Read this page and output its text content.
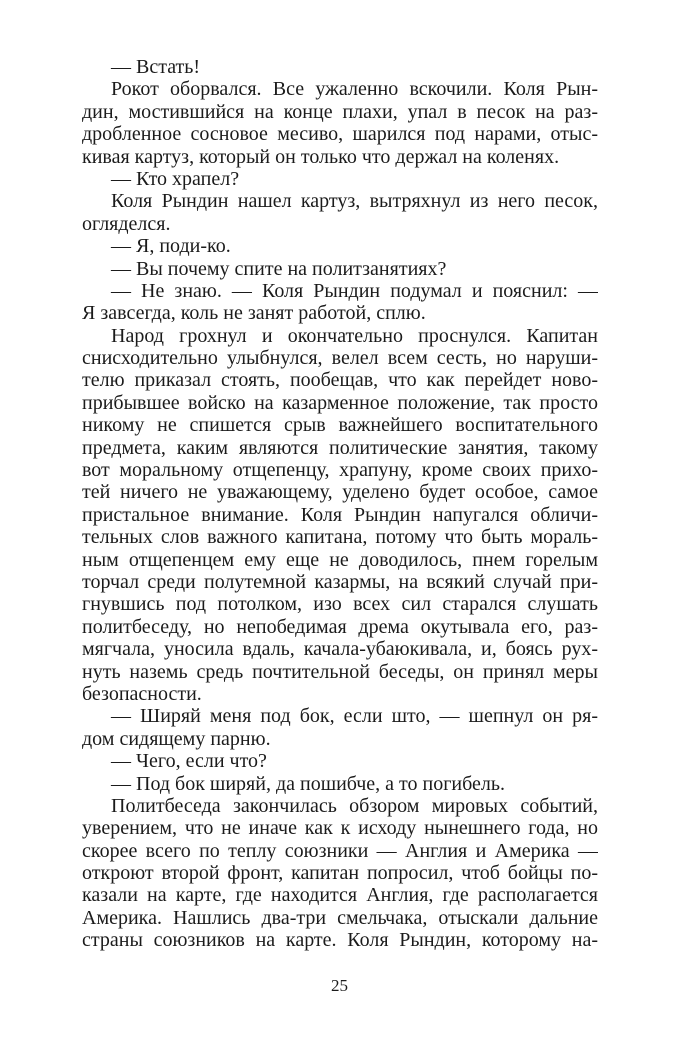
— Встать!
Рокот оборвался. Все ужаленно вскочили. Коля Рын-
дин, мостившийся на конце плахи, упал в песок на раз-
дробленное сосновое месиво, шарился под нарами, отыс-
кивая картуз, который он только что держал на коленях.
— Кто храпел?
Коля Рындин нашел картуз, вытряхнул из него песок,
огляделся.
— Я, поди-ко.
— Вы почему спите на политзанятиях?
— Не знаю. — Коля Рындин подумал и пояснил: —
Я завсегда, коль не занят работой, сплю.
Народ грохнул и окончательно проснулся. Капитан
снисходительно улыбнулся, велел всем сесть, но наруши-
телю приказал стоять, пообещав, что как перейдет ново-
прибывшее войско на казарменное положение, так просто
никому не спишется срыв важнейшего воспитательного
предмета, каким являются политические занятия, такому
вот моральному отщепенцу, храпуну, кроме своих прихо-
тей ничего не уважающему, уделено будет особое, самое
пристальное внимание. Коля Рындин напугался обличи-
тельных слов важного капитана, потому что быть мораль-
ным отщепенцем ему еще не доводилось, пнем горелым
торчал среди полутемной казармы, на всякий случай при-
гнувшись под потолком, изо всех сил старался слушать
политбеседу, но непобедимая дрема окутывала его, раз-
мягчала, уносила вдаль, качала-убаюкивала, и, боясь рух-
нуть наземь средь почтительной беседы, он принял меры
безопасности.
— Ширяй меня под бок, если што, — шепнул он ря-
дом сидящему парню.
— Чего, если что?
— Под бок ширяй, да пошибче, а то погибель.
Политбеседа закончилась обзором мировых событий,
уверением, что не иначе как к исходу нынешнего года, но
скорее всего по теплу союзники — Англия и Америка —
откроют второй фронт, капитан попросил, чтоб бойцы по-
казали на карте, где находится Англия, где располагается
Америка. Нашлись два-три смельчака, отыскали дальние
страны союзников на карте. Коля Рындин, которому на-
25
